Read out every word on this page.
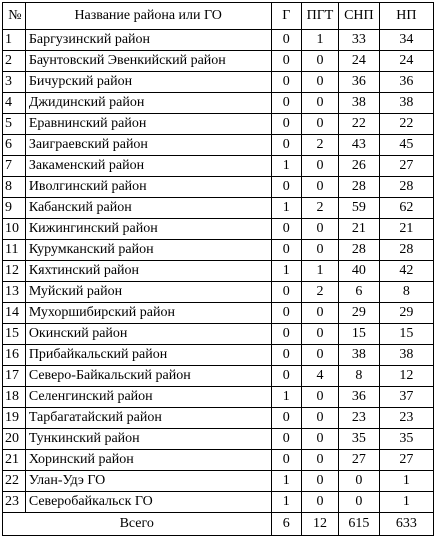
№	Название района или ГО	Г	ПГТ	СНП	НП
1	Баргузинский район	0	1	33	34
2	Баунтовский Эвенкийский район	0	0	24	24
3	Бичурский район	0	0	36	36
4	Джидинский район	0	0	38	38
5	Еравнинский район	0	0	22	22
6	Заиграевский район	0	2	43	45
7	Закаменский район	1	0	26	27
8	Иволгинский район	0	0	28	28
9	Кабанский район	1	2	59	62
10	Кижингинский район	0	0	21	21
11	Курумканский район	0	0	28	28
12	Кяхтинский район	1	1	40	42
13	Муйский район	0	2	6	8
14	Мухоршибирский район	0	0	29	29
15	Окинский район	0	0	15	15
16	Прибайкальский район	0	0	38	38
17	Северо-Байкальский район	0	4	8	12
18	Селенгинский район	1	0	36	37
19	Тарбагатайский район	0	0	23	23
20	Тункинский район	0	0	35	35
21	Хоринский район	0	0	27	27
22	Улан-Удэ ГО	1	0	0	1
23	Северобайкальск ГО	1	0	0	1
Всего		6	12	615	633
